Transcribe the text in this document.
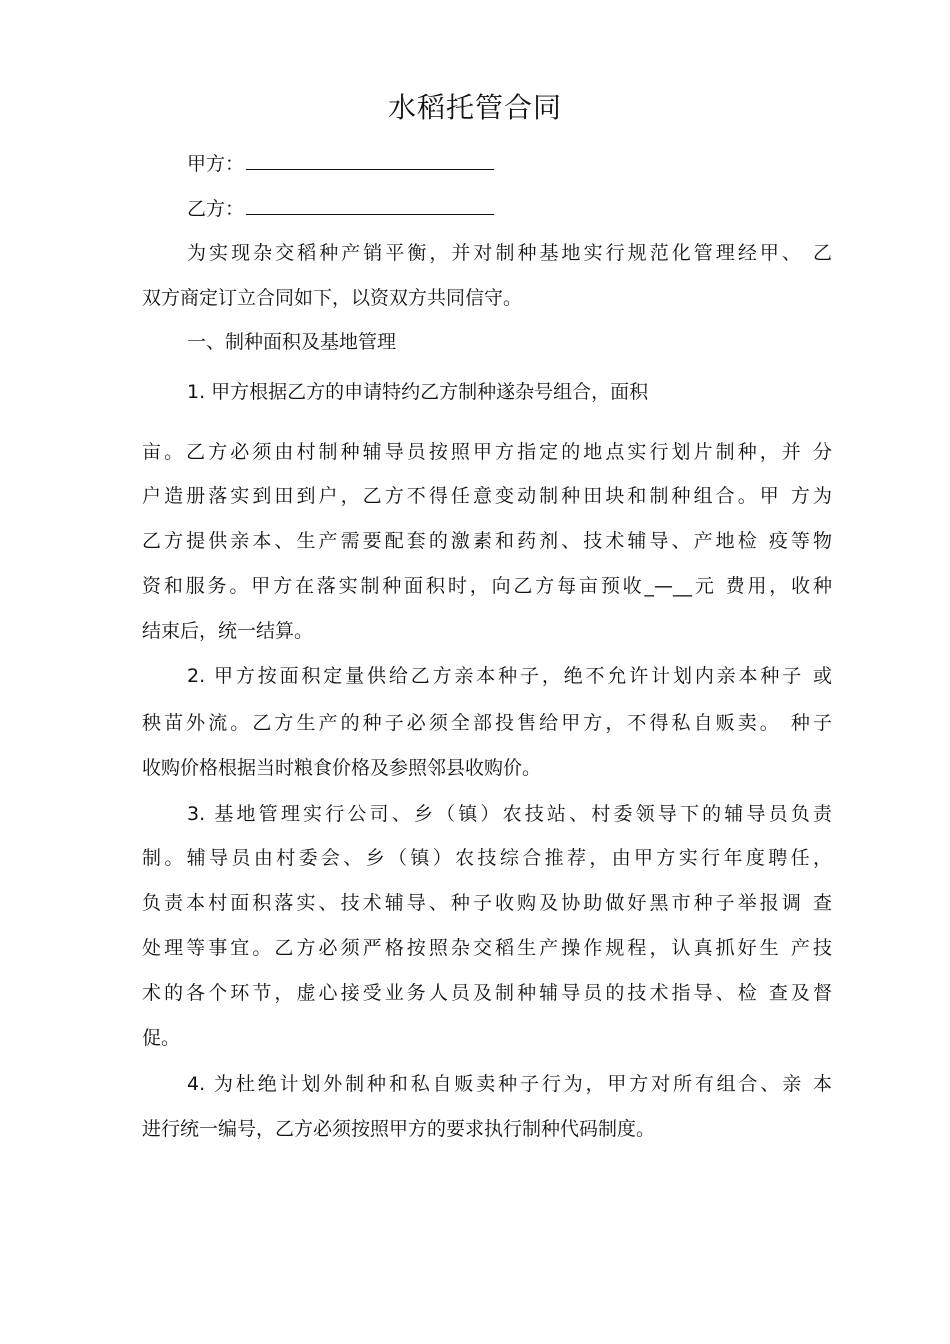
水稻托管合同
甲方：
乙方：
为实现杂交稻种产销平衡，并对制种基地实行规范化管理经甲、 乙
双方商定订立合同如下，以资双方共同信守。
一、制种面积及基地管理
1. 甲方根据乙方的申请特约乙方制种遂杂号组合，面积
亩。乙方必须由村制种辅导员按照甲方指定的地点实行划片制种，并 分
户造册落实到田到户，乙方不得任意变动制种田块和制种组合。甲 方为
乙方提供亲本、生产需要配套的激素和药剂、技术辅导、产地检 疫等物
资和服务。甲方在落实制种面积时，向乙方每亩预收_—__元 费用，收种
结束后，统一结算。
2. 甲方按面积定量供给乙方亲本种子，绝不允许计划内亲本种子 或
秧苗外流。乙方生产的种子必须全部投售给甲方，不得私自贩卖。 种子
收购价格根据当时粮食价格及参照邻县收购价。
3. 基地管理实行公司、乡（镇）农技站、村委领导下的辅导员负责
制。辅导员由村委会、乡（镇）农技综合推荐，由甲方实行年度聘任，
负责本村面积落实、技术辅导、种子收购及协助做好黑市种子举报调 查
处理等事宜。乙方必须严格按照杂交稻生产操作规程，认真抓好生 产技
术的各个环节，虚心接受业务人员及制种辅导员的技术指导、检 查及督
促。
4. 为杜绝计划外制种和私自贩卖种子行为，甲方对所有组合、亲 本
进行统一编号，乙方必须按照甲方的要求执行制种代码制度。
